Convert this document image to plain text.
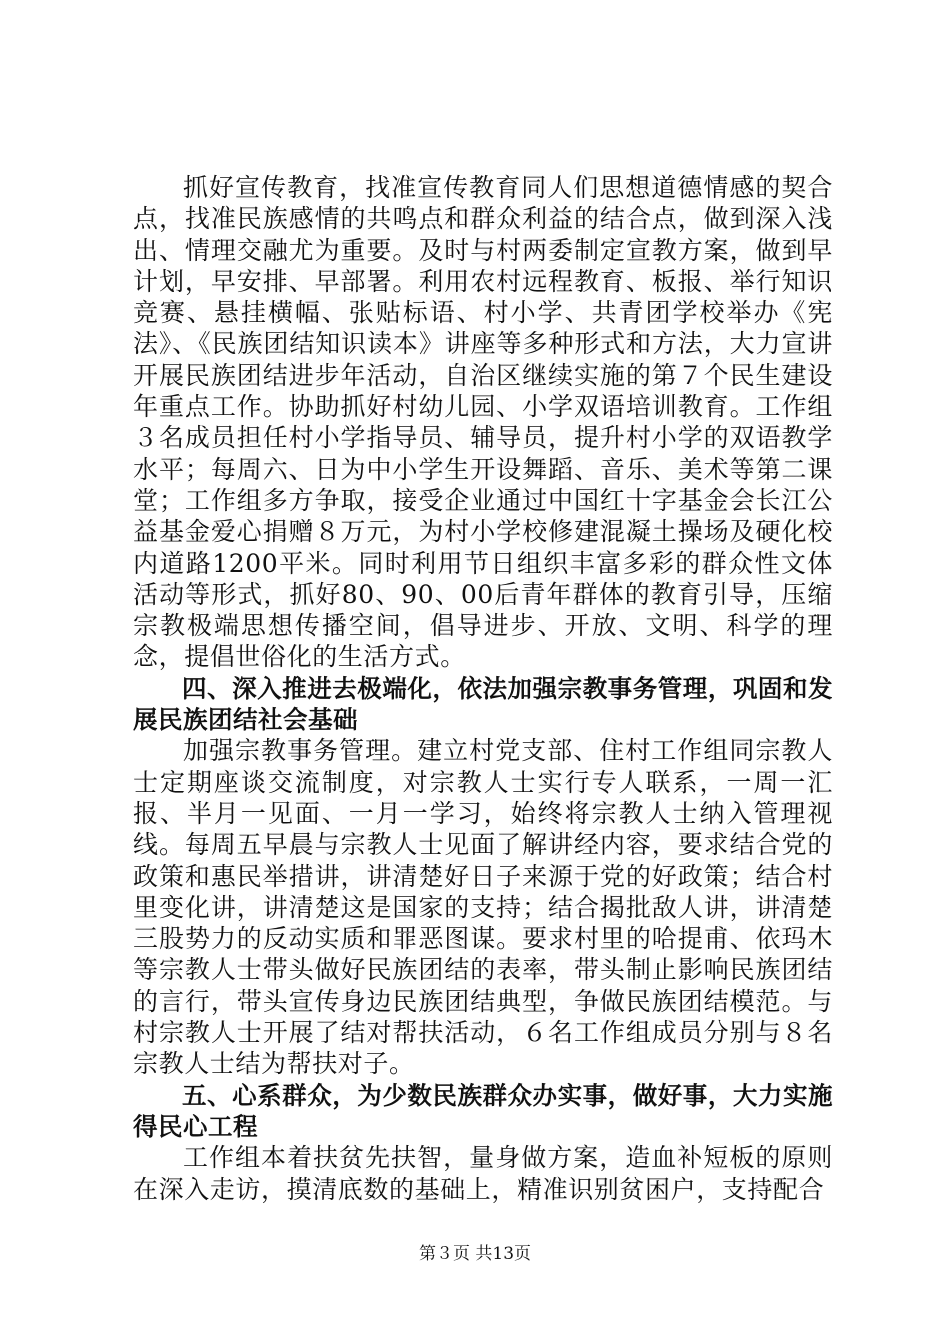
抓好宣传教育，找准宣传教育同人们思想道德情感的契合点，找准民族感情的共鸣点和群众利益的结合点，做到深入浅出、情理交融尤为重要。及时与村两委制定宣教方案，做到早计划，早安排、早部署。利用农村远程教育、板报、举行知识竞赛、悬挂横幅、张贴标语、村小学、共青团学校举办《宪法》、《民族团结知识读本》讲座等多种形式和方法，大力宣讲开展民族团结进步年活动，自治区继续实施的第７个民生建设年重点工作。协助抓好村幼儿园、小学双语培训教育。工作组３名成员担任村小学指导员、辅导员，提升村小学的双语教学水平；每周六、日为中小学生开设舞蹈、音乐、美术等第二课堂；工作组多方争取，接受企业通过中国红十字基金会长江公益基金爱心捐赠８万元，为村小学校修建混凝土操场及硬化校内道路1200平米。同时利用节日组织丰富多彩的群众性文体活动等形式，抓好80、90、00后青年群体的教育引导，压缩宗教极端思想传播空间，倡导进步、开放、文明、科学的理念，提倡世俗化的生活方式。

四、深入推进去极端化，依法加强宗教事务管理，巩固和发展民族团结社会基础

加强宗教事务管理。建立村党支部、住村工作组同宗教人士定期座谈交流制度，对宗教人士实行专人联系，一周一汇报、半月一见面、一月一学习，始终将宗教人士纳入管理视线。每周五早晨与宗教人士见面了解讲经内容，要求结合党的政策和惠民举措讲，讲清楚好日子来源于党的好政策；结合村里变化讲，讲清楚这是国家的支持；结合揭批敌人讲，讲清楚三股势力的反动实质和罪恶图谋。要求村里的哈提甫、依玛木等宗教人士带头做好民族团结的表率，带头制止影响民族团结的言行，带头宣传身边民族团结典型，争做民族团结模范。与村宗教人士开展了结对帮扶活动，６名工作组成员分别与８名宗教人士结为帮扶对子。

五、心系群众，为少数民族群众办实事，做好事，大力实施得民心工程

工作组本着扶贫先扶智，量身做方案，造血补短板的原则在深入走访，摸清底数的基础上，精准识别贫困户，支持配合

第３页 共13页
